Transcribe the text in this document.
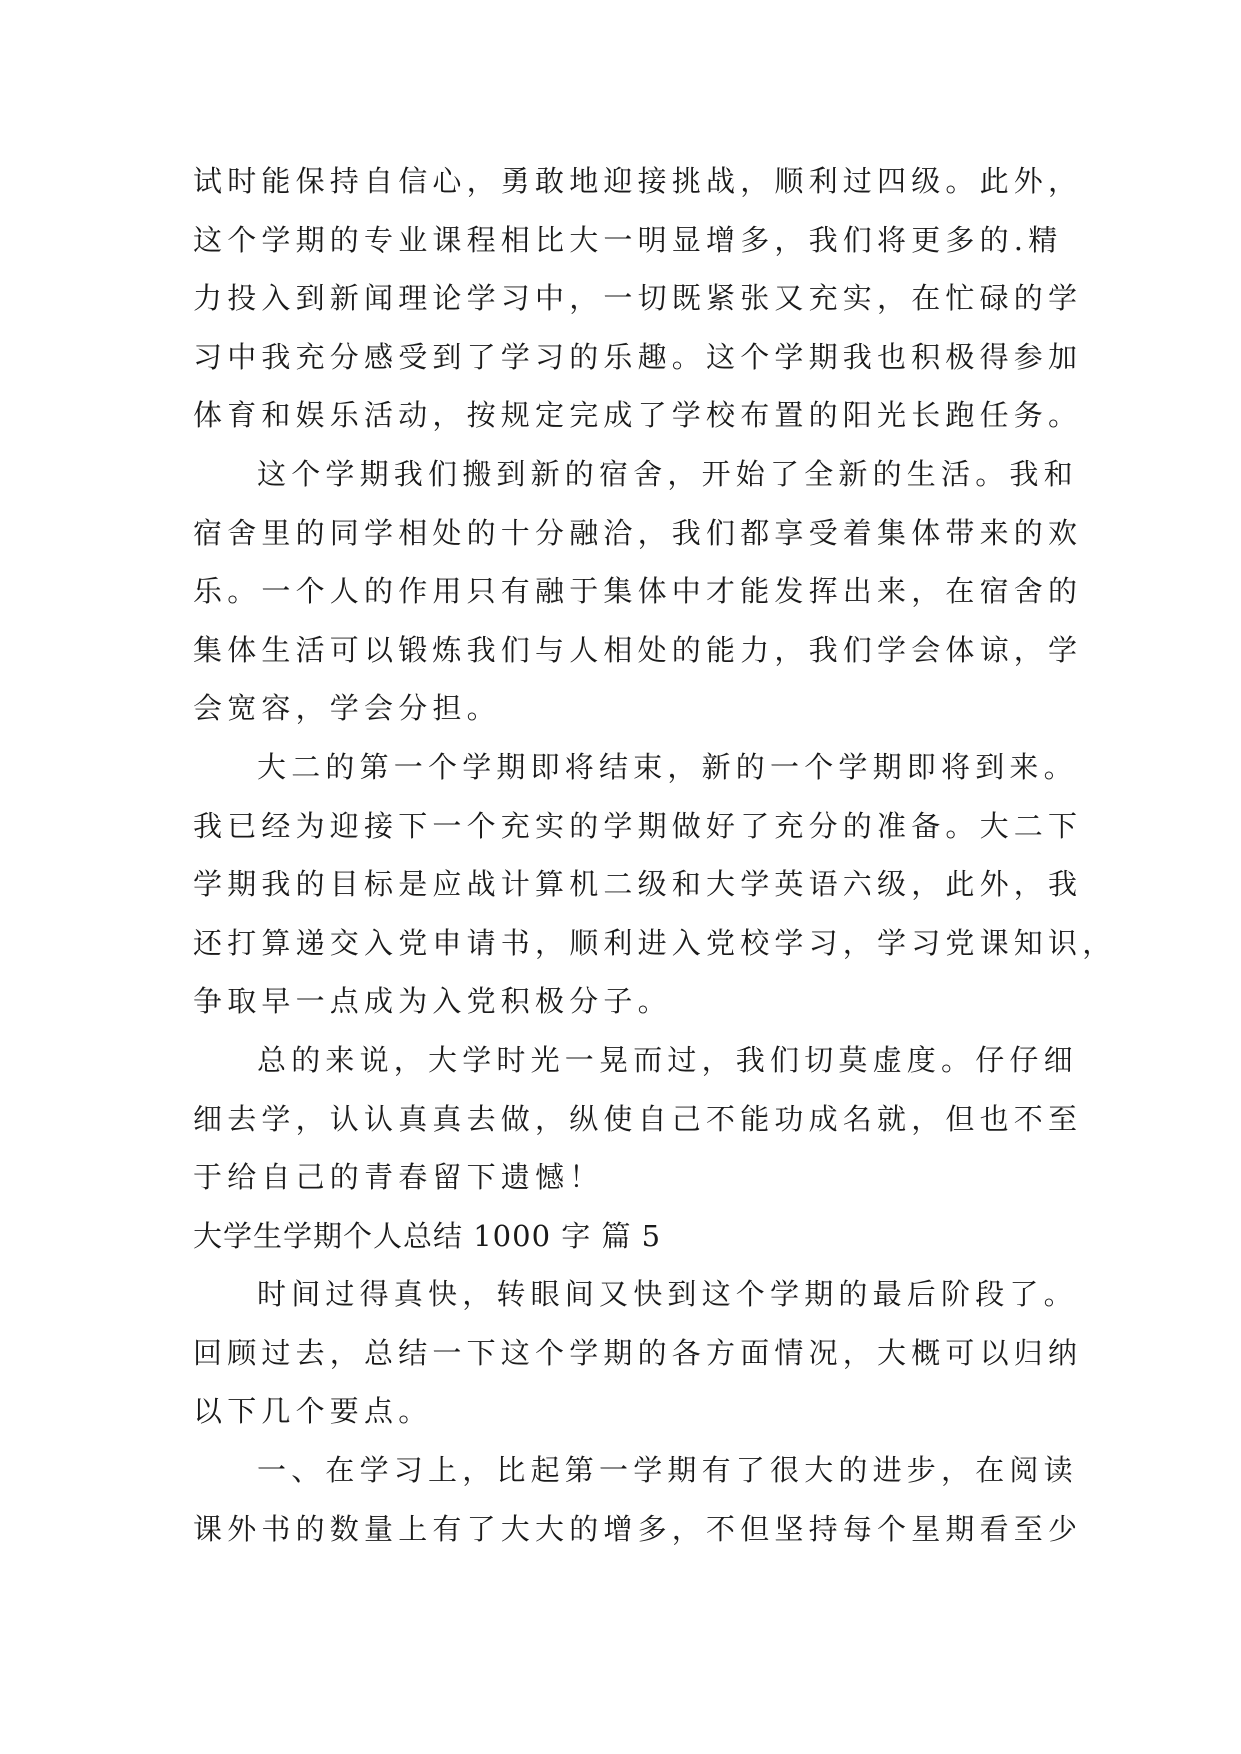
试时能保持自信心，勇敢地迎接挑战，顺利过四级。此外，
这个学期的专业课程相比大一明显增多，我们将更多的.精
力投入到新闻理论学习中，一切既紧张又充实，在忙碌的学
习中我充分感受到了学习的乐趣。这个学期我也积极得参加
体育和娱乐活动，按规定完成了学校布置的阳光长跑任务。
这个学期我们搬到新的宿舍，开始了全新的生活。我和
宿舍里的同学相处的十分融洽，我们都享受着集体带来的欢
乐。一个人的作用只有融于集体中才能发挥出来，在宿舍的
集体生活可以锻炼我们与人相处的能力，我们学会体谅，学
会宽容，学会分担。
大二的第一个学期即将结束，新的一个学期即将到来。
我已经为迎接下一个充实的学期做好了充分的准备。大二下
学期我的目标是应战计算机二级和大学英语六级，此外，我
还打算递交入党申请书，顺利进入党校学习，学习党课知识，
争取早一点成为入党积极分子。
总的来说，大学时光一晃而过，我们切莫虚度。仔仔细
细去学，认认真真去做，纵使自己不能功成名就，但也不至
于给自己的青春留下遗憾！
大学生学期个人总结 1000 字 篇 5
时间过得真快，转眼间又快到这个学期的最后阶段了。
回顾过去，总结一下这个学期的各方面情况，大概可以归纳
以下几个要点。
一、在学习上，比起第一学期有了很大的进步，在阅读
课外书的数量上有了大大的增多，不但坚持每个星期看至少
